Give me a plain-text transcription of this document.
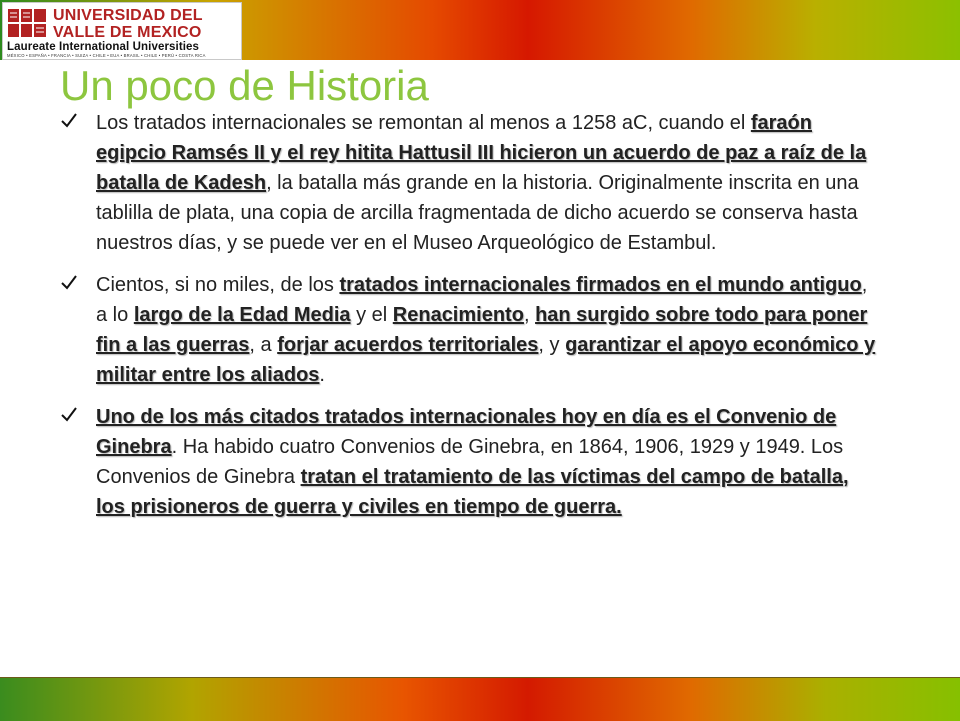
UNIVERSIDAD DEL
VALLE DE MEXICO
Laureate International Universities
MÉXICO • ESPAÑA • FRANCIA • SUIZA • CHILE • EUA • BRASIL • CHILE • PERÚ • COSTA RICA
Un poco de Historia
Los tratados internacionales se remontan al menos a 1258 aC, cuando el faraón egipcio Ramsés II y el rey hitita Hattusil III hicieron un acuerdo de paz a raíz de la batalla de Kadesh, la batalla más grande en la historia. Originalmente inscrita en una tablilla de plata, una copia de arcilla fragmentada de dicho acuerdo se conserva hasta nuestros días, y se puede ver en el Museo Arqueológico de Estambul.
Cientos, si no miles, de los tratados internacionales firmados en el mundo antiguo, a lo largo de la Edad Media y el Renacimiento, han surgido sobre todo para poner fin a las guerras, a forjar acuerdos territoriales, y garantizar el apoyo económico y militar entre los aliados.
Uno de los más citados tratados internacionales hoy en día es el Convenio de Ginebra. Ha habido cuatro Convenios de Ginebra, en 1864, 1906, 1929 y 1949. Los Convenios de Ginebra tratan el tratamiento de las víctimas del campo de batalla, los prisioneros de guerra y civiles en tiempo de guerra.
